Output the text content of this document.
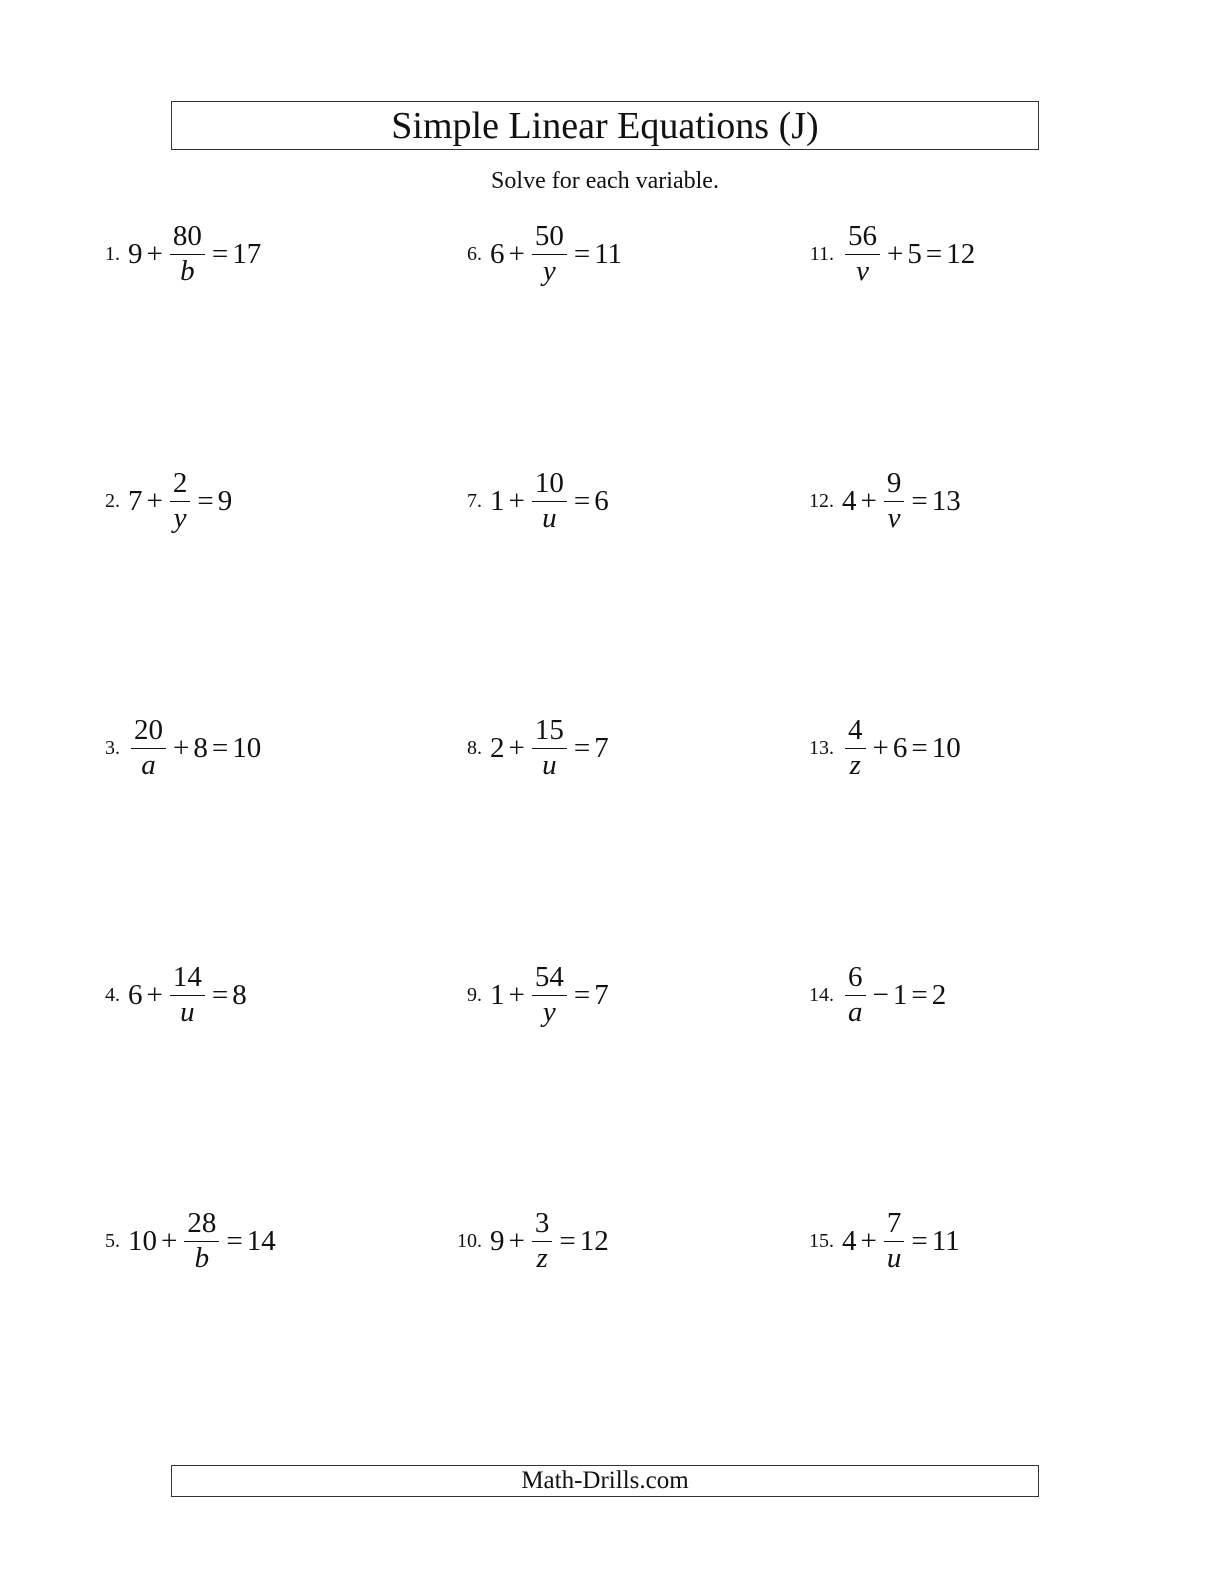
Simple Linear Equations (J)
Solve for each variable.
1. $9 + \frac{80}{b} = 17$
2. $7 + \frac{2}{y} = 9$
3. $\frac{20}{a} + 8 = 10$
4. $6 + \frac{14}{u} = 8$
5. $10 + \frac{28}{b} = 14$
6. $6 + \frac{50}{y} = 11$
7. $1 + \frac{10}{u} = 6$
8. $2 + \frac{15}{u} = 7$
9. $1 + \frac{54}{y} = 7$
10. $9 + \frac{3}{z} = 12$
11. $\frac{56}{v} + 5 = 12$
12. $4 + \frac{9}{v} = 13$
13. $\frac{4}{z} + 6 = 10$
14. $\frac{6}{a} - 1 = 2$
15. $4 + \frac{7}{u} = 11$
Math-Drills.com
